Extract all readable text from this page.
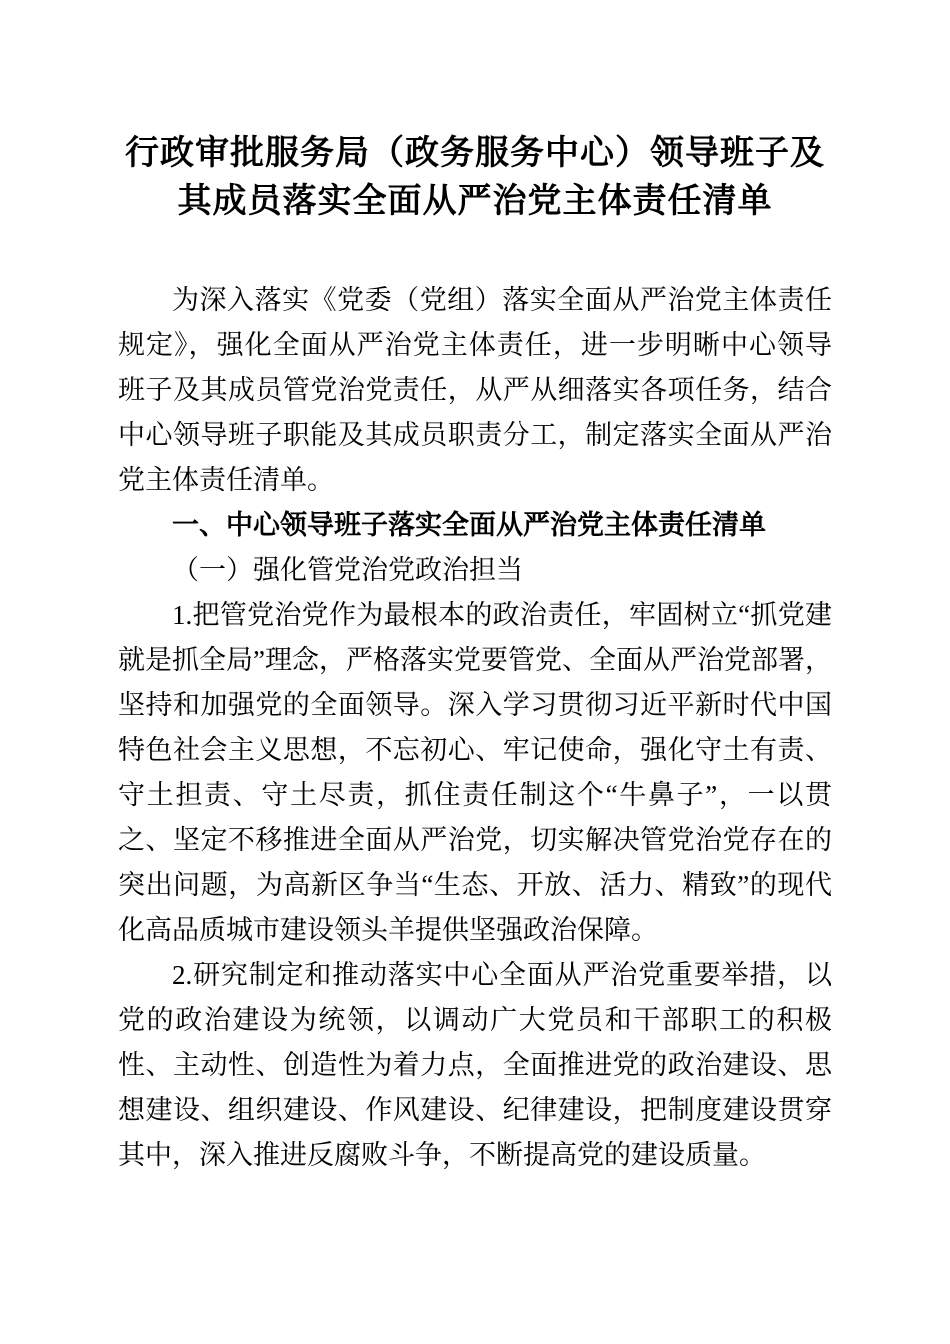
行政审批服务局（政务服务中心）领导班子及
其成员落实全面从严治党主体责任清单

为深入落实《党委（党组）落实全面从严治党主体责任规定》，强化全面从严治党主体责任，进一步明晰中心领导班子及其成员管党治党责任，从严从细落实各项任务，结合中心领导班子职能及其成员职责分工，制定落实全面从严治党主体责任清单。

一、中心领导班子落实全面从严治党主体责任清单
（一）强化管党治党政治担当

1.把管党治党作为最根本的政治责任，牢固树立“抓党建就是抓全局”理念，严格落实党要管党、全面从严治党部署，坚持和加强党的全面领导。深入学习贯彻习近平新时代中国特色社会主义思想，不忘初心、牢记使命，强化守土有责、守土担责、守土尽责，抓住责任制这个“牛鼻子”，一以贯之、坚定不移推进全面从严治党，切实解决管党治党存在的突出问题，为高新区争当“生态、开放、活力、精致”的现代化高品质城市建设领头羊提供坚强政治保障。

2.研究制定和推动落实中心全面从严治党重要举措，以党的政治建设为统领，以调动广大党员和干部职工的积极性、主动性、创造性为着力点，全面推进党的政治建设、思想建设、组织建设、作风建设、纪律建设，把制度建设贯穿其中，深入推进反腐败斗争，不断提高党的建设质量。
